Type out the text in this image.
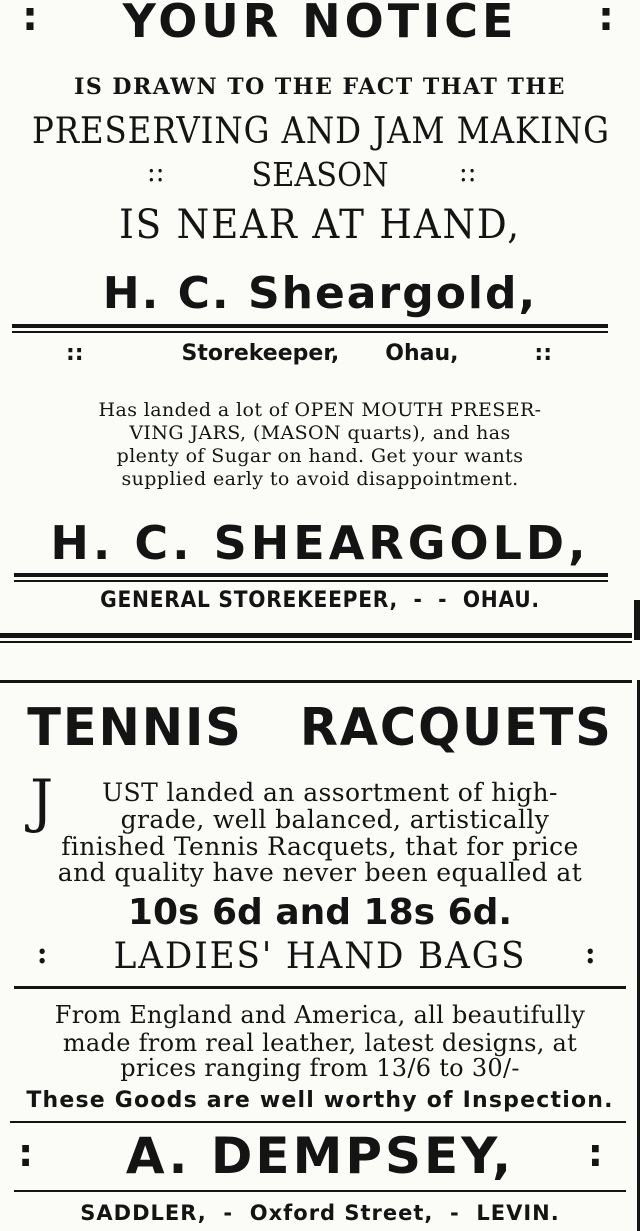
: YOUR NOTICE :
IS DRAWN TO THE FACT THAT THE
PRESERVING AND JAM MAKING
::	SEASON	::
IS NEAR AT HAND,
H. C. Sheargold,
::	Storekeeper,      Ohau,	::
Has landed a lot of OPEN MOUTH PRESER-
VING JARS, (MASON quarts), and has
plenty of Sugar on hand. Get your wants
supplied early to avoid disappointment.
H. C. SHEARGOLD,
GENERAL STOREKEEPER,  -  -  OHAU.
TENNIS RACQUETS
J	UST landed an assortment of high-
grade, well balanced, artistically
finished Tennis Racquets, that for price
and quality have never been equalled at
10s 6d and 18s 6d.
: LADIES' HAND BAGS :
From England and America, all beautifully
made from real leather, latest designs, at
prices ranging from 13/6 to 30/-
These Goods are well worthy of Inspection.
: A. DEMPSEY, :
SADDLER,  -  Oxford Street,  -  LEVIN.
